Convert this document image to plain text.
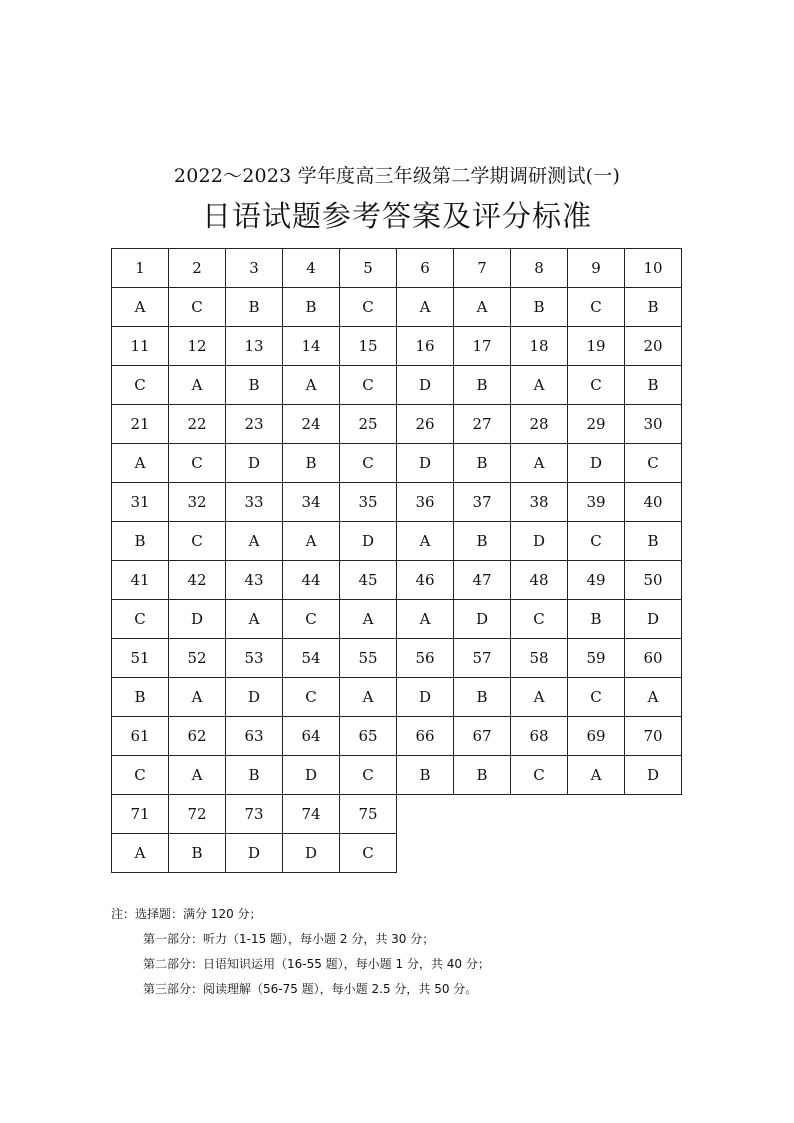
2022～2023 学年度高三年级第二学期调研测试(一)
日语试题参考答案及评分标准
1	2	3	4	5	6	7	8	9	10
A	C	B	B	C	A	A	B	C	B
11	12	13	14	15	16	17	18	19	20
C	A	B	A	C	D	B	A	C	B
21	22	23	24	25	26	27	28	29	30
A	C	D	B	C	D	B	A	D	C
31	32	33	34	35	36	37	38	39	40
B	C	A	A	D	A	B	D	C	B
41	42	43	44	45	46	47	48	49	50
C	D	A	C	A	A	D	C	B	D
51	52	53	54	55	56	57	58	59	60
B	A	D	C	A	D	B	A	C	A
61	62	63	64	65	66	67	68	69	70
C	A	B	D	C	B	B	C	A	D
71	72	73	74	75					
A	B	D	D	C					
注：选择题：满分 120 分；
第一部分：听力（1-15 题），每小题 2 分，共 30 分；
第二部分：日语知识运用（16-55 题），每小题 1 分，共 40 分；
第三部分：阅读理解（56-75 题），每小题 2.5 分，共 50 分。
